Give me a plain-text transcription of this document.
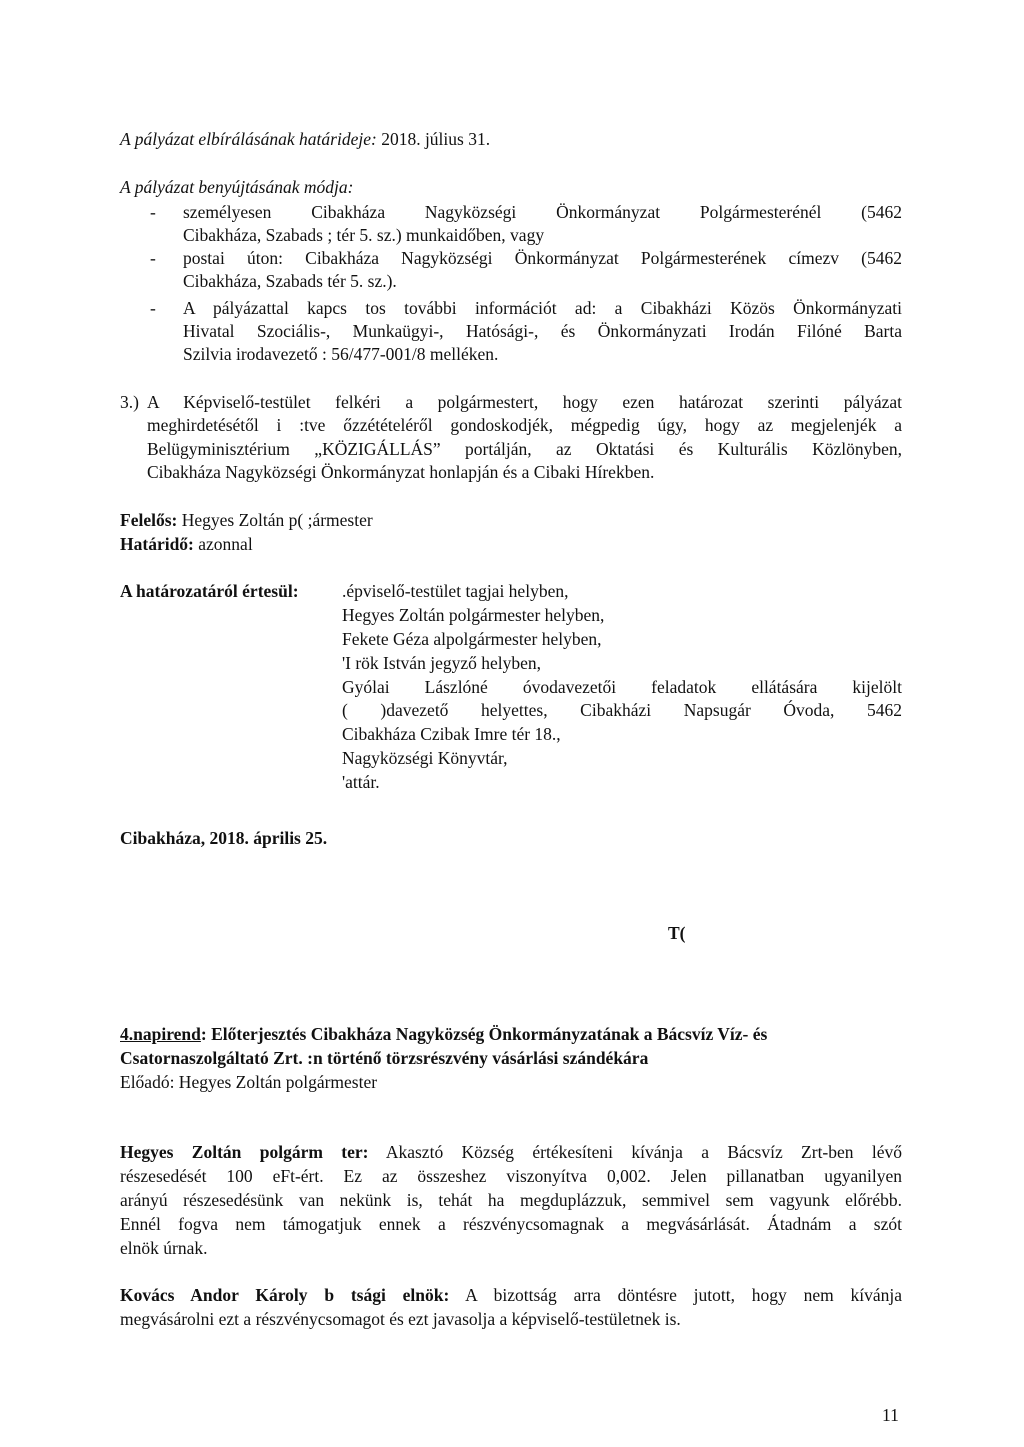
A pályázat elbírálásának határideje: 2018. július 31.
A pályázat benyújtásának módja:
- személyesen Cibakháza Nagyközségi Önkormányzat Polgármesterénél (5462
Cibakháza, Szabads ; tér 5. sz.) munkaidőben, vagy
- postai úton: Cibakháza Nagyközségi Önkormányzat Polgármesterének címezv (5462
Cibakháza, Szabads tér 5. sz.).
- A pályázattal kapcs tos további információt ad: a Cibakházi Közös Önkormányzati
Hivatal Szociális-, Munkaügyi-, Hatósági-, és Önkormányzati Irodán Filóné Barta
Szilvia irodavezető : 56/477-001/8 melléken.
3.) A Képviselő-testület felkéri a polgármestert, hogy ezen határozat szerinti pályázat
meghirdetésétől i :tve őzzétételéről gondoskodjék, mégpedig úgy, hogy az megjelenjék a
Belügyminisztérium „KÖZIGÁLLÁS” portálján, az Oktatási és Kulturális Közlönyben,
Cibakháza Nagyközségi Önkormányzat honlapján és a Cibaki Hírekben.
Felelős: Hegyes Zoltán p( ;ármester
Határidő: azonnal
A határozatáról értesül: .épviselő-testület tagjai helyben,
Hegyes Zoltán polgármester helyben,
Fekete Géza alpolgármester helyben,
'I rök István jegyző helyben,
Gyólai Lászlóné óvodavezetői feladatok ellátására kijelölt
( )davezető helyettes, Cibakházi Napsugár Óvoda, 5462
Cibakháza Czibak Imre tér 18.,
Nagyközségi Könyvtár,
'attár.
Cibakháza, 2018. április 25.
T(
4.napirend: Előterjesztés Cibakháza Nagyközség Önkormányzatának a Bácsvíz Víz- és
Csatornaszolgáltató Zrt. :n történő törzsrészvény vásárlási szándékára
Előadó: Hegyes Zoltán polgármester
Hegyes Zoltán polgárm ter: Akasztó Község értékesíteni kívánja a Bácsvíz Zrt-ben lévő
részesedését 100 eFt-ért. Ez az összeshez viszonyítva 0,002. Jelen pillanatban ugyanilyen
arányú részesedésünk van nekünk is, tehát ha megduplázzuk, semmivel sem vagyunk előrébb.
Ennél fogva nem támogatjuk ennek a részvénycsomagnak a megvásárlását. Átadnám a szót
elnök úrnak.
Kovács Andor Károly b tsági elnök: A bizottság arra döntésre jutott, hogy nem kívánja
megvásárolni ezt a részvénycsomagot és ezt javasolja a képviselő-testületnek is.
11
